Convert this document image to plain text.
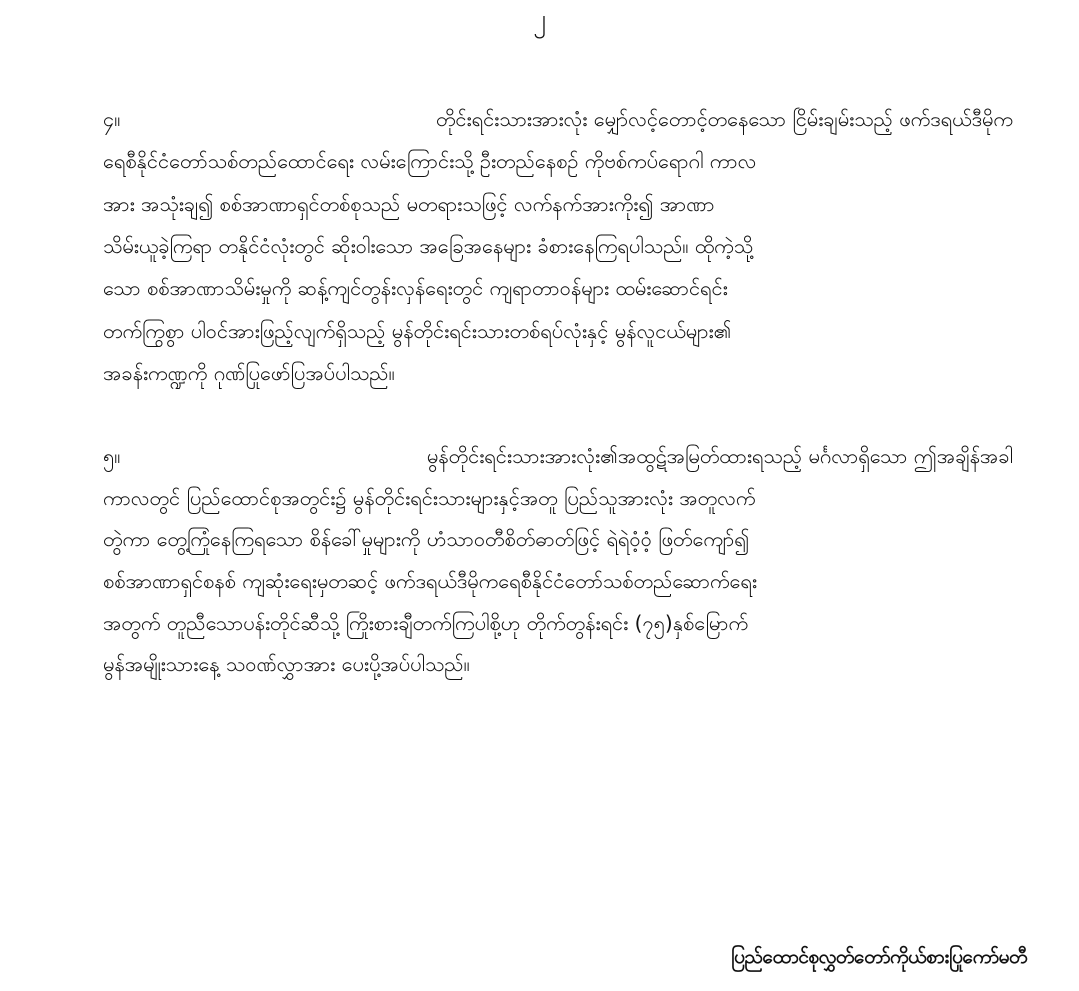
၂
၄။	တိုင်းရင်းသားအားလုံး မျှော်လင့်တောင့်တနေသော ငြိမ်းချမ်းသည့် ဖက်ဒရယ်ဒီမိုက
ရေစီနိုင်ငံတော်သစ်တည်ထောင်ရေး လမ်းကြောင်းသို့ ဦးတည်နေစဉ် ကိုဗစ်ကပ်ရောဂါ ကာလ
အား အသုံးချ၍ စစ်အာဏာရှင်တစ်စုသည် မတရားသဖြင့် လက်နက်အားကိုး၍ အာဏာ
သိမ်းယူခဲ့ကြရာ တနိုင်ငံလုံးတွင် ဆိုးဝါးသော အခြေအနေများ ခံစားနေကြရပါသည်။ ထိုကဲ့သို့
သော စစ်အာဏာသိမ်းမှုကို ဆန့်ကျင်တွန်းလှန်ရေးတွင် ကျရာတာဝန်များ ထမ်းဆောင်ရင်း
တက်ကြွစွာ ပါဝင်အားဖြည့်လျက်ရှိသည့် မွန်တိုင်းရင်းသားတစ်ရပ်လုံးနှင့် မွန်လူငယ်များ၏
အခန်းကဏ္ဍကို ဂုဏ်ပြုဖော်ပြအပ်ပါသည်။
၅။	မွန်တိုင်းရင်းသားအားလုံး၏အထွဋ်အမြတ်ထားရသည့် မင်္ဂလာရှိသော ဤအချိန်အခါ
ကာလတွင် ပြည်ထောင်စုအတွင်း၌ မွန်တိုင်းရင်းသားများနှင့်အတူ ပြည်သူအားလုံး အတူလက်
တွဲကာ တွေ့ကြုံနေကြရသော စိန်ခေါ်မှုများကို ဟံသာဝတီစိတ်ဓာတ်ဖြင့် ရဲရဲဝံ့ဝံ့ ဖြတ်ကျော်၍
စစ်အာဏာရှင်စနစ် ကျဆုံးရေးမှတဆင့် ဖက်ဒရယ်ဒီမိုကရေစီနိုင်ငံတော်သစ်တည်ဆောက်ရေး
အတွက် တူညီသောပန်းတိုင်ဆီသို့ ကြိုးစားချီတက်ကြပါစို့ဟု တိုက်တွန်းရင်း (၇၅)နှစ်မြောက်
မွန်အမျိုးသားနေ့ သဝဏ်လွှာအား ပေးပို့အပ်ပါသည်။
ပြည်ထောင်စုလွှတ်တော်ကိုယ်စားပြုကော်မတီ
